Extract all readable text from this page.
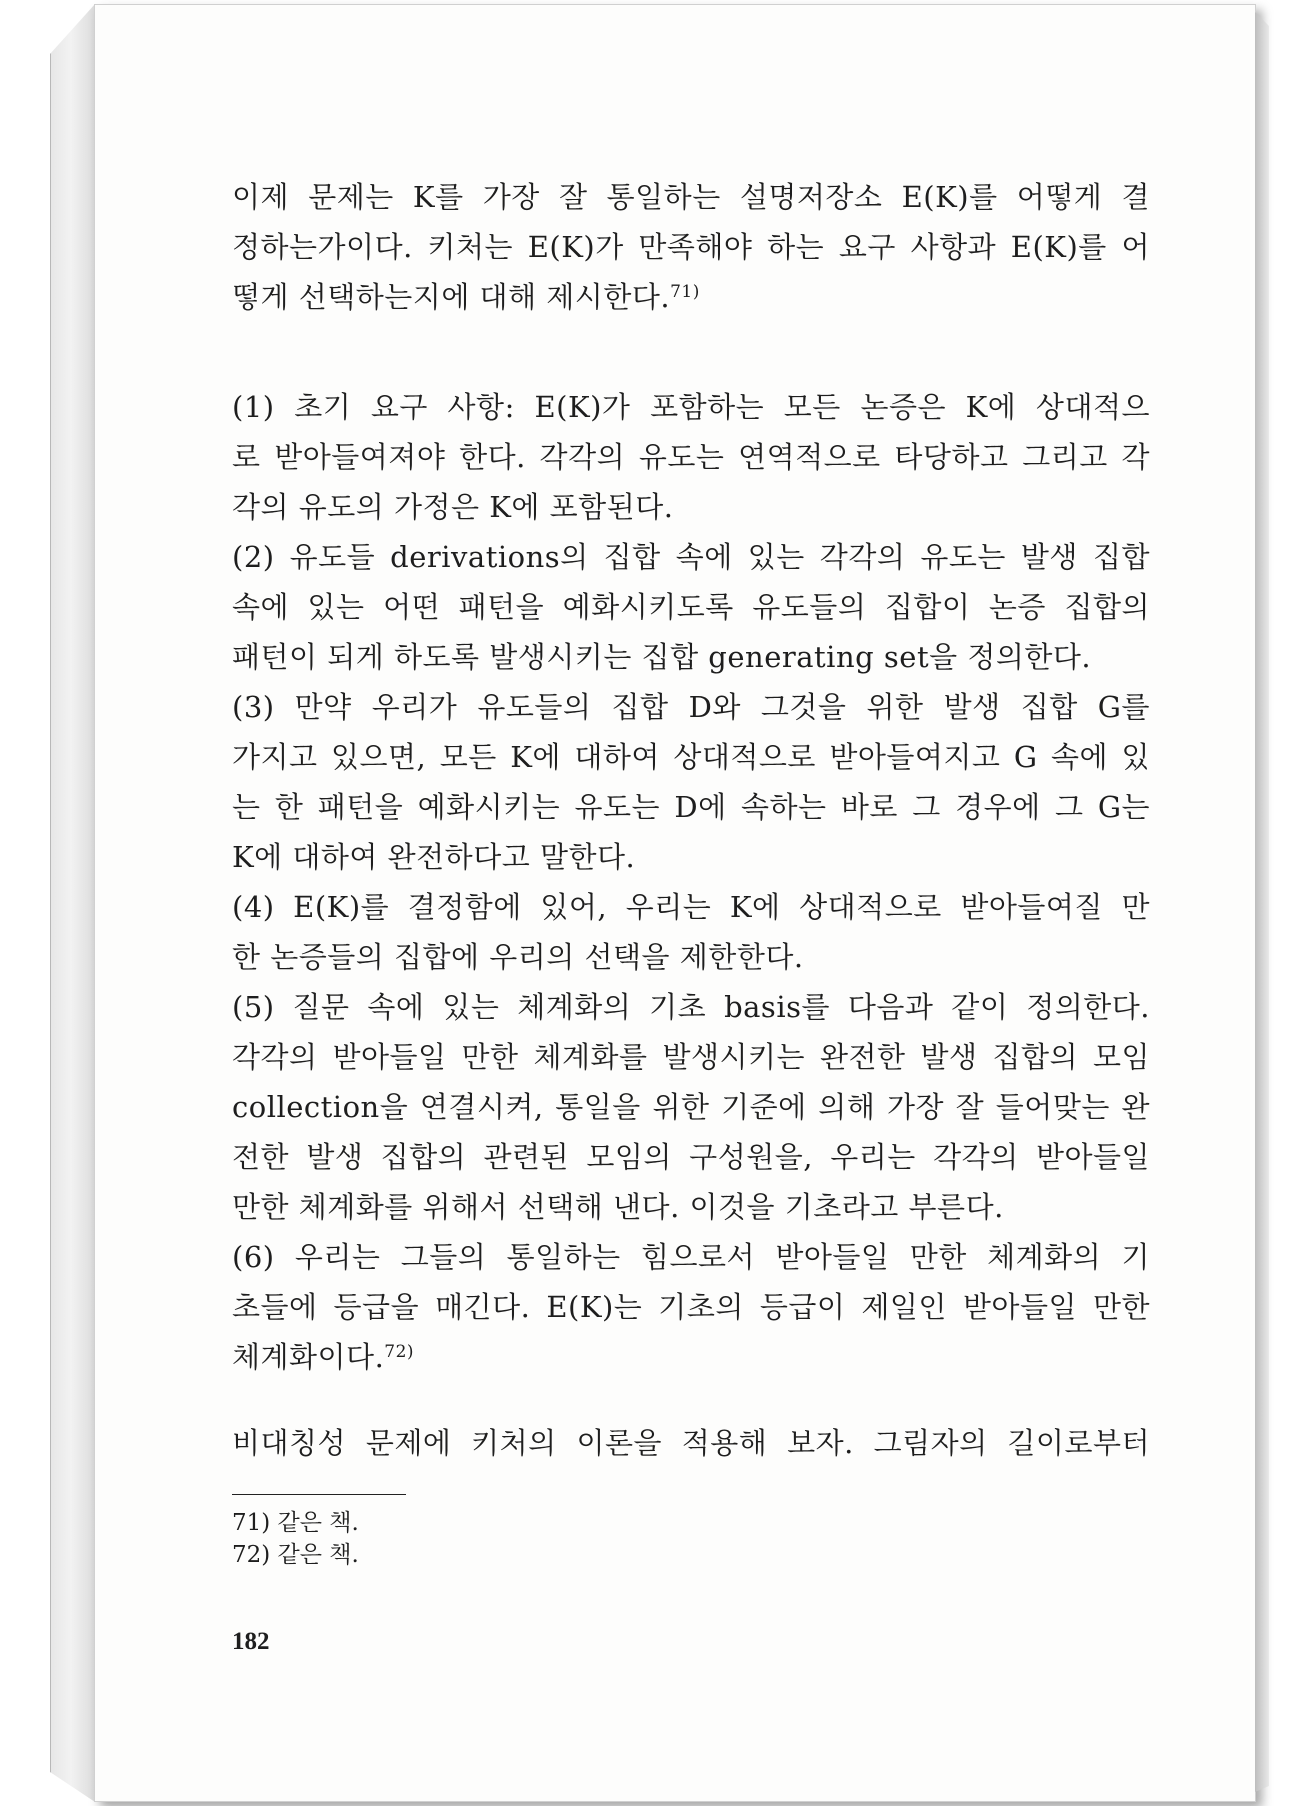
이제 문제는 K를 가장 잘 통일하는 설명저장소 E(K)를 어떻게 결
정하는가이다. 키처는 E(K)가 만족해야 하는 요구 사항과 E(K)를 어
떻게 선택하는지에 대해 제시한다.$^{71)}$
(1) 초기 요구 사항: E(K)가 포함하는 모든 논증은 K에 상대적으
로 받아들여져야 한다. 각각의 유도는 연역적으로 타당하고 그리고 각
각의 유도의 가정은 K에 포함된다.
(2) 유도들 derivations의 집합 속에 있는 각각의 유도는 발생 집합
속에 있는 어떤 패턴을 예화시키도록 유도들의 집합이 논증 집합의
패턴이 되게 하도록 발생시키는 집합 generating set을 정의한다.
(3) 만약 우리가 유도들의 집합 D와 그것을 위한 발생 집합 G를
가지고 있으면, 모든 K에 대하여 상대적으로 받아들여지고 G 속에 있
는 한 패턴을 예화시키는 유도는 D에 속하는 바로 그 경우에 그 G는
K에 대하여 완전하다고 말한다.
(4) E(K)를 결정함에 있어, 우리는 K에 상대적으로 받아들여질 만
한 논증들의 집합에 우리의 선택을 제한한다.
(5) 질문 속에 있는 체계화의 기초 basis를 다음과 같이 정의한다.
각각의 받아들일 만한 체계화를 발생시키는 완전한 발생 집합의 모임
collection을 연결시켜, 통일을 위한 기준에 의해 가장 잘 들어맞는 완
전한 발생 집합의 관련된 모임의 구성원을, 우리는 각각의 받아들일
만한 체계화를 위해서 선택해 낸다. 이것을 기초라고 부른다.
(6) 우리는 그들의 통일하는 힘으로서 받아들일 만한 체계화의 기
초들에 등급을 매긴다. E(K)는 기초의 등급이 제일인 받아들일 만한
체계화이다.$^{72)}$
비대칭성 문제에 키처의 이론을 적용해 보자. 그림자의 길이로부터
71) 같은 책.
72) 같은 책.
182
